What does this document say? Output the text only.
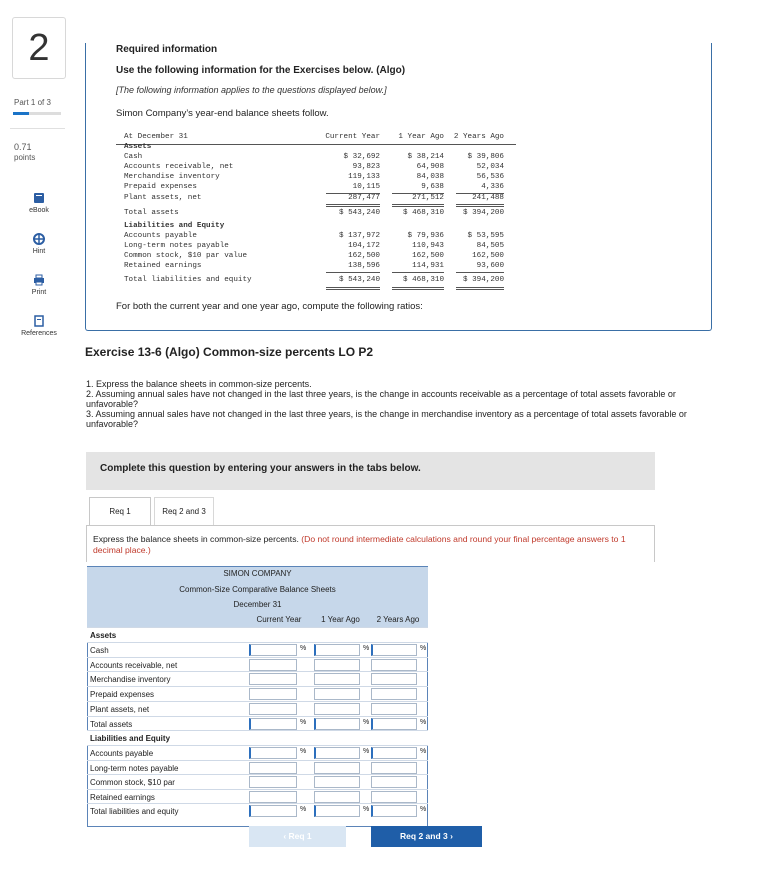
2
Part 1 of 3
0.71
points
eBook
Hint
Print
References
Required information
Use the following information for the Exercises below. (Algo)
[The following information applies to the questions displayed below.]
Simon Company’s year-end balance sheets follow.
At December 31	Current Year	1 Year Ago	2 Years Ago
Assets
Cash	$ 32,692	$ 38,214	$ 39,806
Accounts receivable, net	93,823	64,908	52,034
Merchandise inventory	119,133	84,038	56,536
Prepaid expenses	10,115	9,638	4,336
Plant assets, net	287,477	271,512	241,488
Total assets	$ 543,240	$ 468,310	$ 394,200
Liabilities and Equity
Accounts payable	$ 137,972	$ 79,936	$ 53,595
Long-term notes payable	104,172	110,943	84,505
Common stock, $10 par value	162,500	162,500	162,500
Retained earnings	138,596	114,931	93,600
Total liabilities and equity	$ 543,240	$ 468,310	$ 394,200
For both the current year and one year ago, compute the following ratios:
Exercise 13-6 (Algo) Common-size percents LO P2
1. Express the balance sheets in common-size percents.
2. Assuming annual sales have not changed in the last three years, is the change in accounts receivable as a percentage of total assets favorable or unfavorable?
3. Assuming annual sales have not changed in the last three years, is the change in merchandise inventory as a percentage of total assets favorable or unfavorable?
Complete this question by entering your answers in the tabs below.
Req 1	Req 2 and 3
Express the balance sheets in common-size percents. (Do not round intermediate calculations and round your final percentage answers to 1 decimal place.)
SIMON COMPANY
Common-Size Comparative Balance Sheets
December 31
Current Year	1 Year Ago	2 Years Ago
Assets
Cash	%	%	%
Accounts receivable, net
Merchandise inventory
Prepaid expenses
Plant assets, net
Total assets	%	%	%
Liabilities and Equity
Accounts payable	%	%	%
Long-term notes payable
Common stock, $10 par
Retained earnings
Total liabilities and equity	%	%	%
‹ Req 1	Req 2 and 3 ›
